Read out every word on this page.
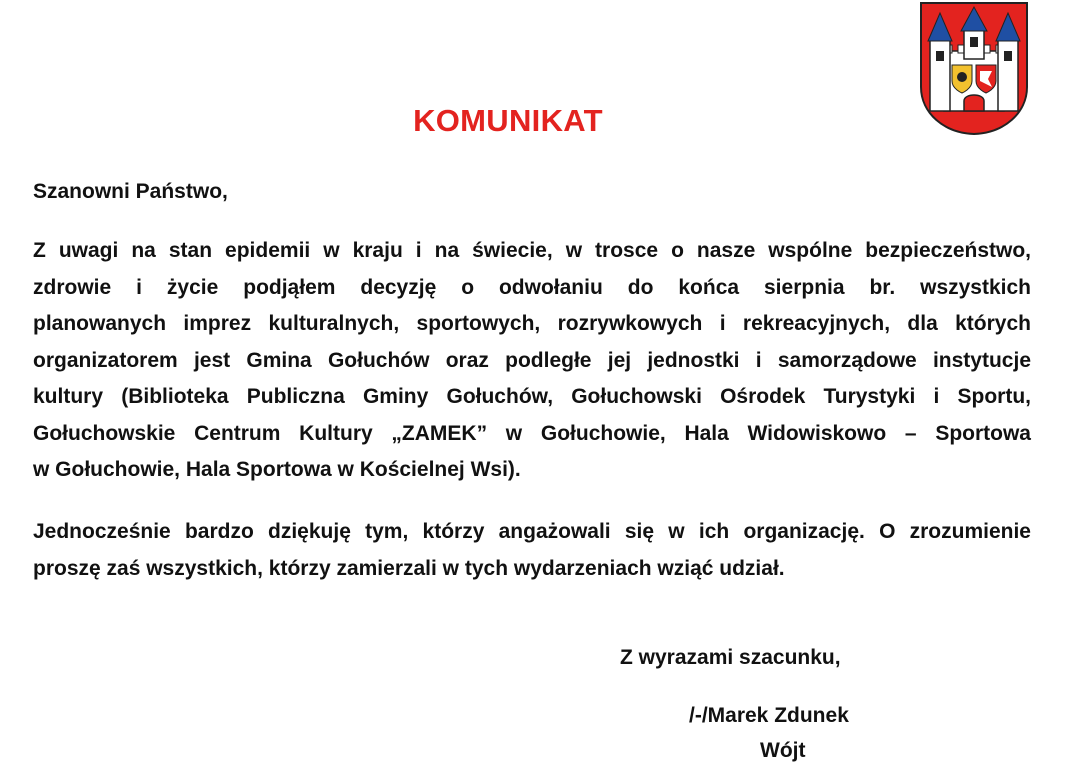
KOMUNIKAT

Szanowni Państwo,

Z uwagi na stan epidemii w kraju i na świecie, w trosce o nasze wspólne bezpieczeństwo,
zdrowie i życie podjąłem decyzję o odwołaniu do końca sierpnia br. wszystkich
planowanych imprez kulturalnych, sportowych, rozrywkowych i rekreacyjnych, dla których
organizatorem jest Gmina Gołuchów oraz podległe jej jednostki i samorządowe instytucje
kultury (Biblioteka Publiczna Gminy Gołuchów, Gołuchowski Ośrodek Turystyki i Sportu,
Gołuchowskie Centrum Kultury „ZAMEK” w Gołuchowie, Hala Widowiskowo – Sportowa
w Gołuchowie, Hala Sportowa w Kościelnej Wsi).
Jednocześnie bardzo dziękuję tym, którzy angażowali się w ich organizację. O zrozumienie
proszę zaś wszystkich, którzy zamierzali w tych wydarzeniach wziąć udział.

Z wyrazami szacunku,

/-/Marek Zdunek

Wójt
